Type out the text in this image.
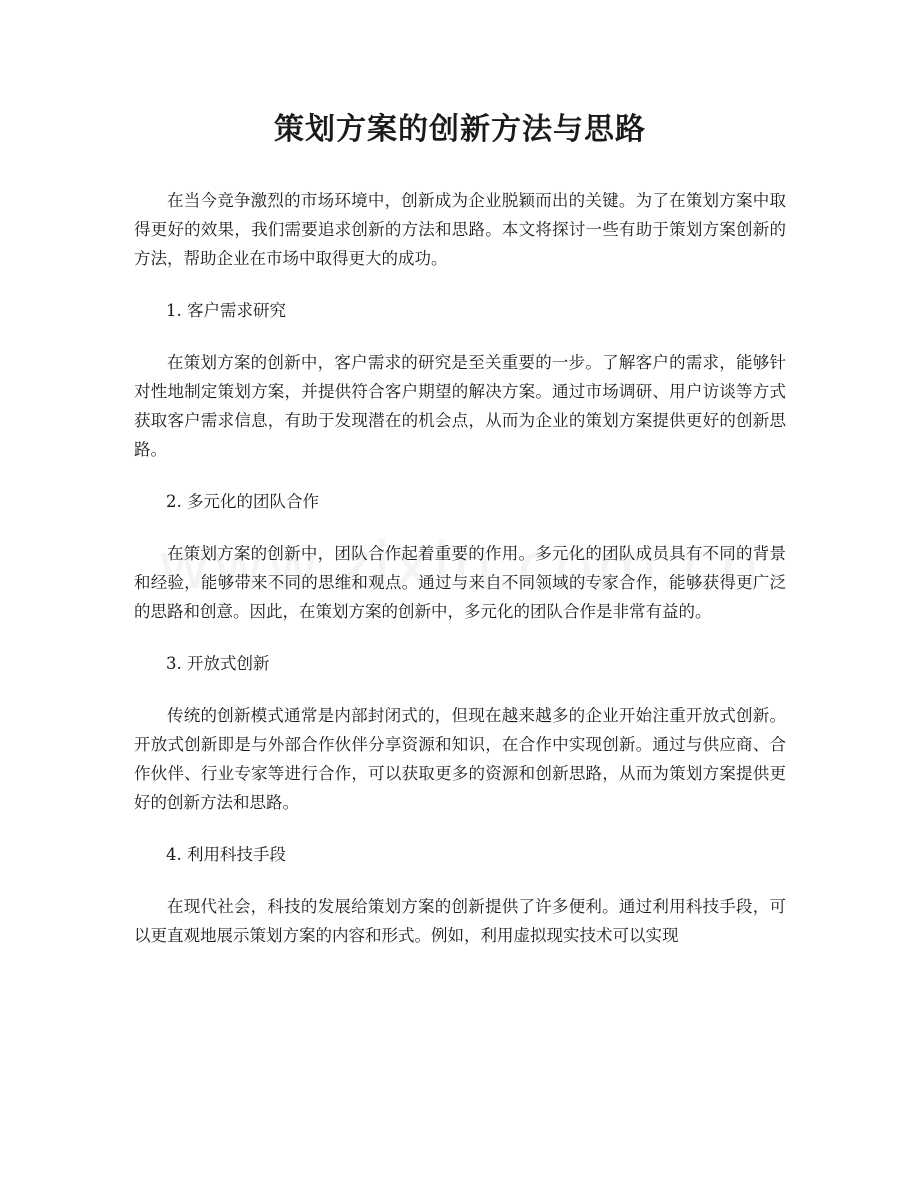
策划方案的创新方法与思路

在当今竞争激烈的市场环境中，创新成为企业脱颖而出的关键。为了在策划方案中取得更好的效果，我们需要追求创新的方法和思路。本文将探讨一些有助于策划方案创新的方法，帮助企业在市场中取得更大的成功。

1. 客户需求研究

在策划方案的创新中，客户需求的研究是至关重要的一步。了解客户的需求，能够针对性地制定策划方案，并提供符合客户期望的解决方案。通过市场调研、用户访谈等方式获取客户需求信息，有助于发现潜在的机会点，从而为企业的策划方案提供更好的创新思路。

2. 多元化的团队合作

在策划方案的创新中，团队合作起着重要的作用。多元化的团队成员具有不同的背景和经验，能够带来不同的思维和观点。通过与来自不同领域的专家合作，能够获得更广泛的思路和创意。因此，在策划方案的创新中，多元化的团队合作是非常有益的。

3. 开放式创新

传统的创新模式通常是内部封闭式的，但现在越来越多的企业开始注重开放式创新。开放式创新即是与外部合作伙伴分享资源和知识，在合作中实现创新。通过与供应商、合作伙伴、行业专家等进行合作，可以获取更多的资源和创新思路，从而为策划方案提供更好的创新方法和思路。

4. 利用科技手段

在现代社会，科技的发展给策划方案的创新提供了许多便利。通过利用科技手段，可以更直观地展示策划方案的内容和形式。例如，利用虚拟现实技术可以实现
